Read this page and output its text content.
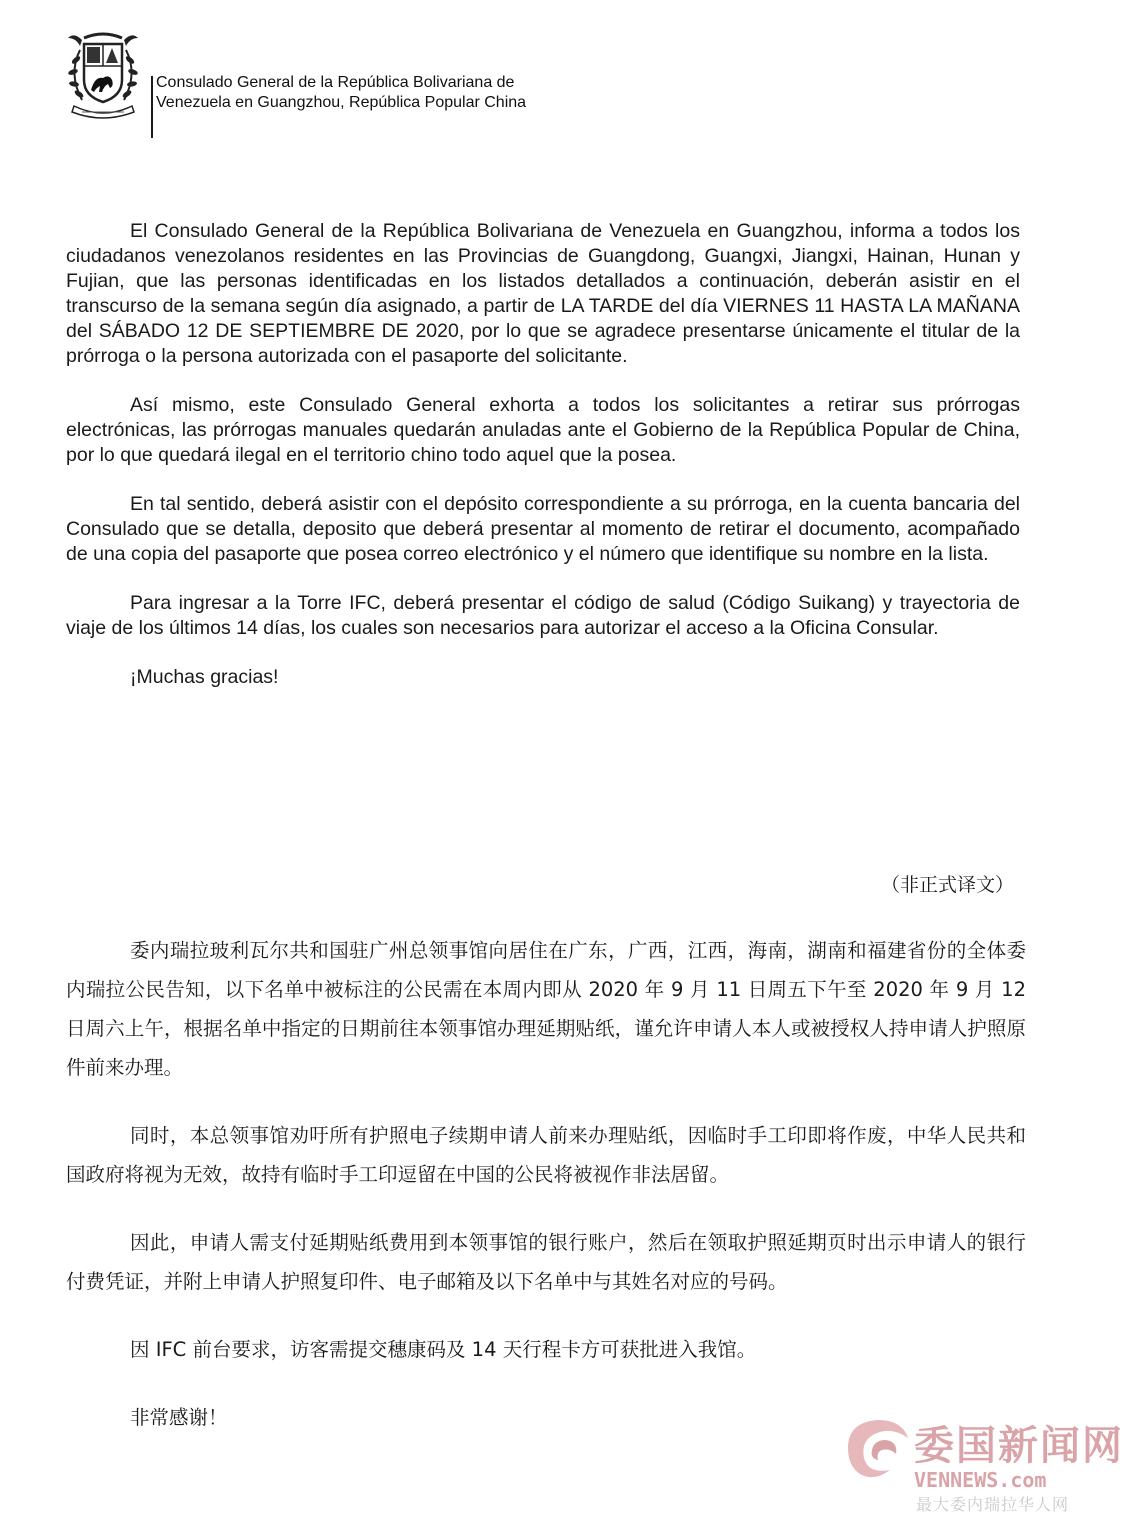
Consulado General de la República Bolivariana de
Venezuela en Guangzhou, República Popular China

El Consulado General de la República Bolivariana de Venezuela en Guangzhou, informa a todos los ciudadanos venezolanos residentes en las Provincias de Guangdong, Guangxi, Jiangxi, Hainan, Hunan y Fujian, que las personas identificadas en los listados detallados a continuación, deberán asistir en el transcurso de la semana según día asignado, a partir de LA TARDE del día VIERNES 11 HASTA LA MAÑANA del SÁBADO 12 DE SEPTIEMBRE DE 2020, por lo que se agradece presentarse únicamente el titular de la prórroga o la persona autorizada con el pasaporte del solicitante.

Así mismo, este Consulado General exhorta a todos los solicitantes a retirar sus prórrogas electrónicas, las prórrogas manuales quedarán anuladas ante el Gobierno de la República Popular de China, por lo que quedará ilegal en el territorio chino todo aquel que la posea.

En tal sentido, deberá asistir con el depósito correspondiente a su prórroga, en la cuenta bancaria del Consulado que se detalla, deposito que deberá presentar al momento de retirar el documento, acompañado de una copia del pasaporte que posea correo electrónico y el número que identifique su nombre en la lista.

Para ingresar a la Torre IFC, deberá presentar el código de salud (Código Suikang) y trayectoria de viaje de los últimos 14 días, los cuales son necesarios para autorizar el acceso a la Oficina Consular.

¡Muchas gracias!

（非正式译文）

委内瑞拉玻利瓦尔共和国驻广州总领事馆向居住在广东，广西，江西，海南，湖南和福建省份的全体委内瑞拉公民告知，以下名单中被标注的公民需在本周内即从 2020 年 9 月 11 日周五下午至 2020 年 9 月 12 日周六上午，根据名单中指定的日期前往本领事馆办理延期贴纸，谨允许申请人本人或被授权人持申请人护照原件前来办理。

同时，本总领事馆劝吁所有护照电子续期申请人前来办理贴纸，因临时手工印即将作废，中华人民共和国政府将视为无效，故持有临时手工印逗留在中国的公民将被视作非法居留。

因此，申请人需支付延期贴纸费用到本领事馆的银行账户，然后在领取护照延期页时出示申请人的银行付费凭证，并附上申请人护照复印件、电子邮箱及以下名单中与其姓名对应的号码。

因 IFC 前台要求，访客需提交穗康码及 14 天行程卡方可获批进入我馆。

非常感谢！

委国新闻网
VENNEWS.com
最大委内瑞拉华人网
